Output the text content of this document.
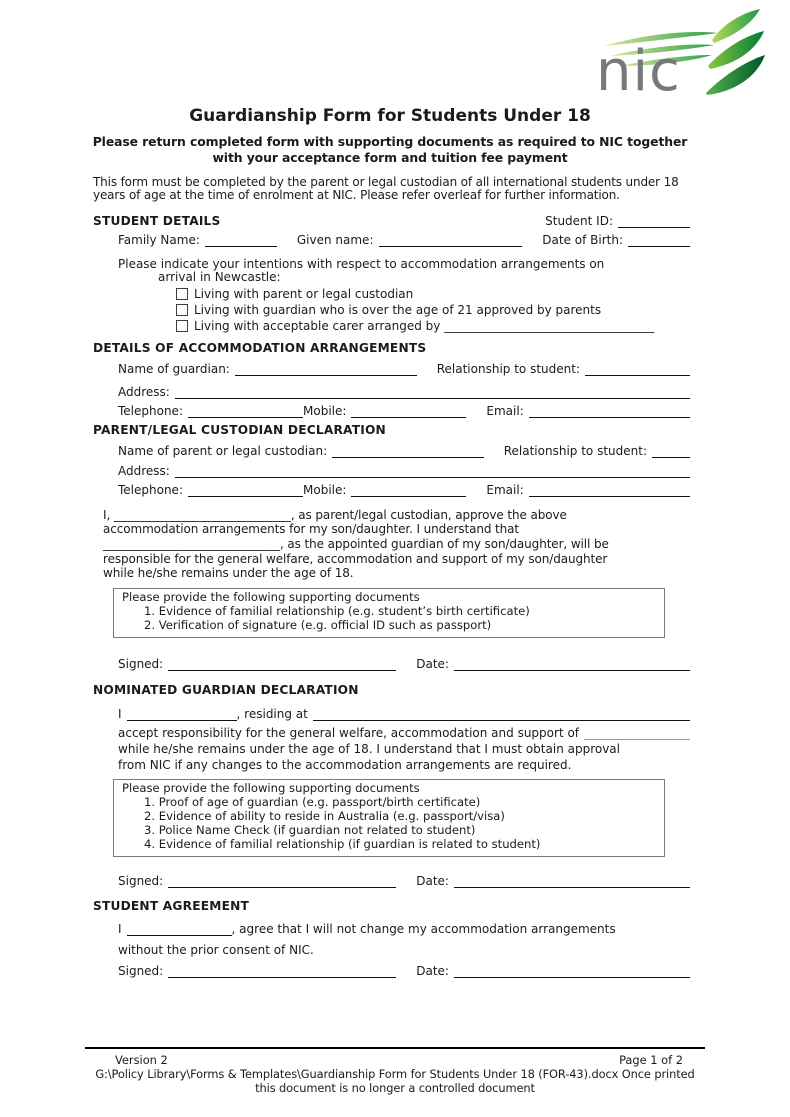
nic
Guardianship Form for Students Under 18
Please return completed form with supporting documents as required to NIC together with your acceptance form and tuition fee payment
This form must be completed by the parent or legal custodian of all international students under 18 years of age at the time of enrolment at NIC. Please refer overleaf for further information.
STUDENT DETAILS	Student ID:
Family Name:	Given name:	Date of Birth:
Please indicate your intentions with respect to accommodation arrangements on
arrival in Newcastle:
Living with parent or legal custodian
Living with guardian who is over the age of 21 approved by parents
Living with acceptable carer arranged by ___________________________________
DETAILS OF ACCOMMODATION ARRANGEMENTS
Name of guardian:	Relationship to student:
Address:
Telephone:	Mobile:	Email:
PARENT/LEGAL CUSTODIAN DECLARATION
Name of parent or legal custodian:	Relationship to student:
Address:
Telephone:	Mobile:	Email:
I, ______________________________, as parent/legal custodian, approve the above
accommodation arrangements for my son/daughter. I understand that
______________________________, as the appointed guardian of my son/daughter, will be
responsible for the general welfare, accommodation and support of my son/daughter
while he/she remains under the age of 18.
Please provide the following supporting documents
1. Evidence of familial relationship (e.g. student’s birth certificate)
2. Verification of signature (e.g. official ID such as passport)
Signed:	Date:
NOMINATED GUARDIAN DECLARATION
I	, residing at
accept responsibility for the general welfare, accommodation and support of
while he/she remains under the age of 18. I understand that I must obtain approval
from NIC if any changes to the accommodation arrangements are required.
Please provide the following supporting documents
1. Proof of age of guardian (e.g. passport/birth certificate)
2. Evidence of ability to reside in Australia (e.g. passport/visa)
3. Police Name Check (if guardian not related to student)
4. Evidence of familial relationship (if guardian is related to student)
Signed:	Date:
STUDENT AGREEMENT
I	, agree that I will not change my accommodation arrangements
without the prior consent of NIC.
Signed:	Date:
Version 2	Page 1 of 2
G:\Policy Library\Forms & Templates\Guardianship Form for Students Under 18 (FOR-43).docx Once printed
this document is no longer a controlled document
